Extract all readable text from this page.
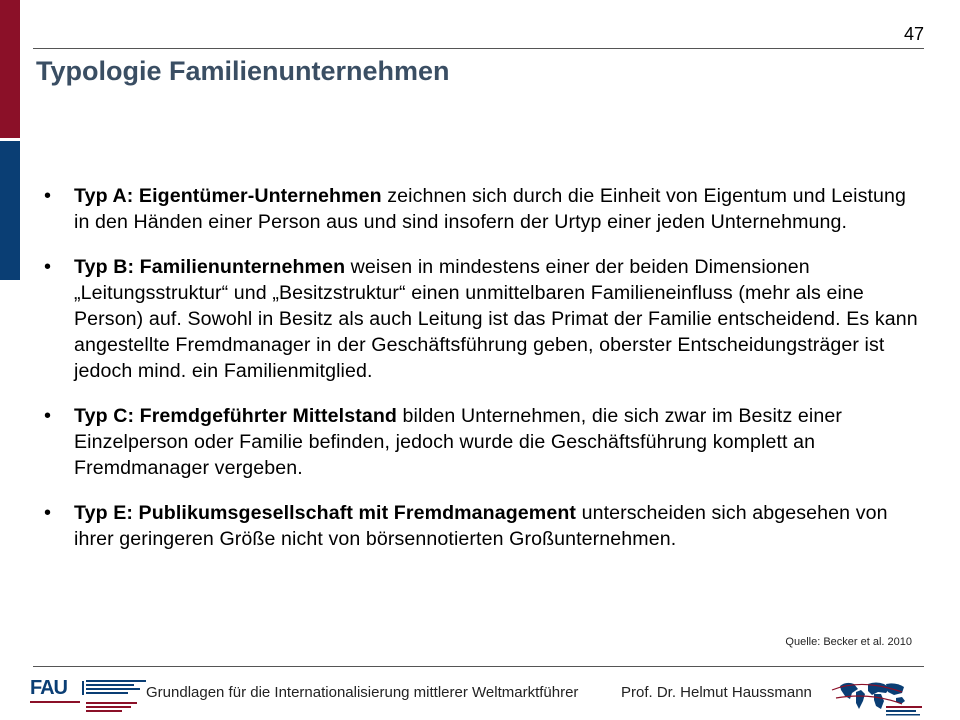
47
Typologie Familienunternehmen
•	Typ A: Eigentümer-Unternehmen zeichnen sich durch die Einheit von Eigentum und Leistung in den Händen einer Person aus und sind insofern der Urtyp einer jeden Unternehmung.
•	Typ B: Familienunternehmen weisen in mindestens einer der beiden Dimensionen „Leitungsstruktur“ und „Besitzstruktur“ einen unmittelbaren Familieneinfluss (mehr als eine Person) auf. Sowohl in Besitz als auch Leitung ist das Primat der Familie entscheidend. Es kann angestellte Fremdmanager in der Geschäftsführung geben, oberster Entscheidungsträger ist jedoch mind. ein Familienmitglied.
•	Typ C: Fremdgeführter Mittelstand bilden Unternehmen, die sich zwar im Besitz einer Einzelperson oder Familie befinden, jedoch wurde die Geschäftsführung komplett an Fremdmanager vergeben.
•	Typ E: Publikumsgesellschaft mit Fremdmanagement unterscheiden sich abgesehen von ihrer geringeren Größe nicht von börsennotierten Großunternehmen.
Quelle: Becker et al. 2010
FAU	Grundlagen für die Internationalisierung mittlerer Weltmarktführer	Prof. Dr. Helmut Haussmann
